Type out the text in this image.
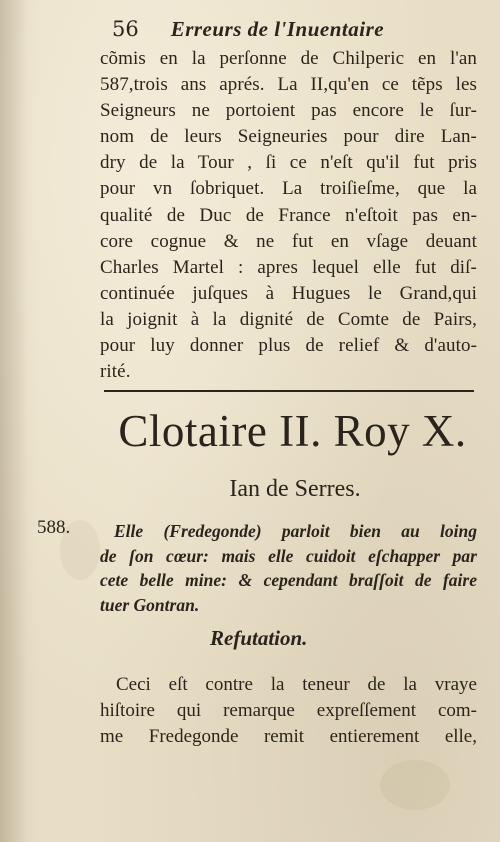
56 Erreurs de l'Inuentaire
cõmis en la perſonne de Chilperic en l'an
587,trois ans aprés. La II,qu'en ce tẽps les
Seigneurs ne portoient pas encore le ſur-
nom de leurs Seigneuries pour dire Lan-
dry de la Tour , ſi ce n'eſt qu'il fut pris
pour vn ſobriquet. La troiſieſme, que la
qualité de Duc de France n'eſtoit pas en-
core cognue & ne fut en vſage deuant
Charles Martel : apres lequel elle fut diſ-
continuée juſques à Hugues le Grand,qui
la joignit à la dignité de Comte de Pairs,
pour luy donner plus de relief & d'auto-
rité.
Clotaire II. Roy X.
Ian de Serres.
588.	Elle (Fredegonde) parloit bien au loing
de ſon cœur: mais elle cuidoit eſchapper par
cete belle mine: & cependant braſſoit de faire
tuer Gontran.
Refutation.
Ceci eſt contre la teneur de la vraye
hiſtoire qui remarque expreſſement com-
me Fredegonde remit entierement elle,
